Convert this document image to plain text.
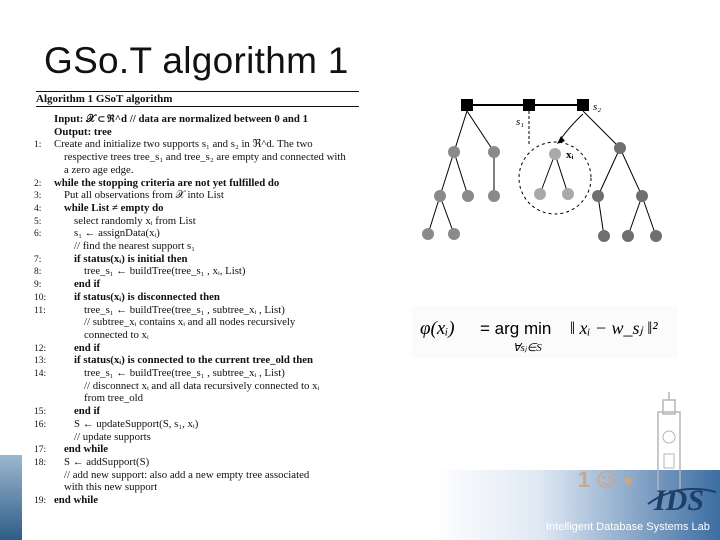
GSo.T algorithm 1
Algorithm 1 GSoT algorithm
Input: 𝒳 ⊂ ℜ^d // data are normalized between 0 and 1
Output: tree
1: Create and initialize two supports s₁ and s₂ in ℜ^d. The two
respective trees tree_s₁ and tree_s₂ are empty and connected with
a zero age edge.
2: while the stopping criteria are not yet fulfilled do
3: Put all observations from 𝒳 into List
4: while List ≠ empty do
5:	select randomly xᵢ from List
6:	s₁ ← assignData(xᵢ)
// find the nearest support s₁
7:	if status(xᵢ) is initial then
8:	tree_s₁ ← buildTree(tree_s₁ , xᵢ, List)
9:	end if
10:	if status(xᵢ) is disconnected then
11:	tree_s₁ ← buildTree(tree_s₁ , subtree_xᵢ , List)
// subtree_xᵢ contains xᵢ and all nodes recursively
connected to xᵢ
12:	end if
13:	if status(xᵢ) is connected to the current tree_old then
14:	tree_s₁ ← buildTree(tree_s₁ , subtree_xᵢ , List)
// disconnect xᵢ and all data recursively connected to xᵢ
from tree_old
15:	end if
16:	S ← updateSupport(S, s₁, xᵢ)
// update supports
17: end while
18: S ← addSupport(S)
// add new support: also add a new empty tree associated
with this new support
19: end while
s₂
s₁
xᵢ
φ(xᵢ) = arg min
∀sⱼ∈S
‖ xᵢ − w_sⱼ ‖²
1 ☺ ✶
IDS
Intelligent Database Systems Lab
